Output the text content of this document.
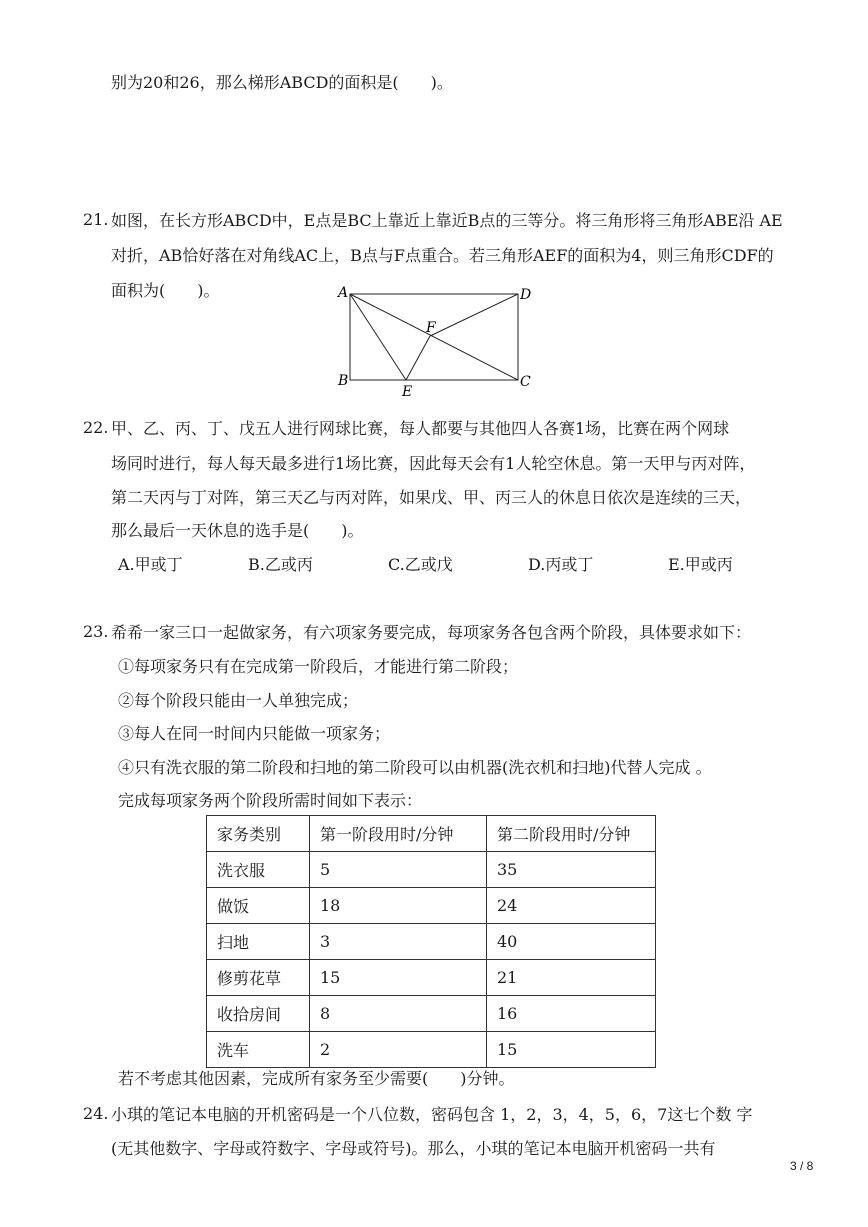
别为20和26，那么梯形ABCD的面积是(　　)。
21. 如图，在长方形ABCD中，E点是BC上靠近上靠近B点的三等分。将三角形将三角形ABE沿 AE
对折，AB恰好落在对角线AC上，B点与F点重合。若三角形AEF的面积为4，则三角形CDF的
面积为(　　)。	A	D
F
B
E
C
22. 甲、乙、丙、丁、戊五人进行网球比赛，每人都要与其他四人各赛1场，比赛在两个网球
场同时进行，每人每天最多进行1场比赛，因此每天会有1人轮空休息。第一天甲与丙对阵，
第二天丙与丁对阵，第三天乙与丙对阵，如果戊、甲、丙三人的休息日依次是连续的三天，
那么最后一天休息的选手是(　　)。
A.甲或丁	B.乙或丙	C.乙或戊	D.丙或丁	E.甲或丙
23. 希希一家三口一起做家务，有六项家务要完成，每项家务各包含两个阶段，具体要求如下：
①每项家务只有在完成第一阶段后，才能进行第二阶段；
②每个阶段只能由一人单独完成；
③每人在同一时间内只能做一项家务；
④只有洗衣服的第二阶段和扫地的第二阶段可以由机器(洗衣机和扫地)代替人完成 。
完成每项家务两个阶段所需时间如下表示：
家务类别	第一阶段用时/分钟	第二阶段用时/分钟
洗衣服	5	35
做饭	18	24
扫地	3	40
修剪花草	15	21
收拾房间	8	16
洗车	2	15
若不考虑其他因素，完成所有家务至少需要(　　)分钟。
24. 小琪的笔记本电脑的开机密码是一个八位数，密码包含 1，2，3，4，5，6，7这七个数 字
(无其他数字、字母或符数字、字母或符号)。那么，小琪的笔记本电脑开机密码一共有
3 / 8
